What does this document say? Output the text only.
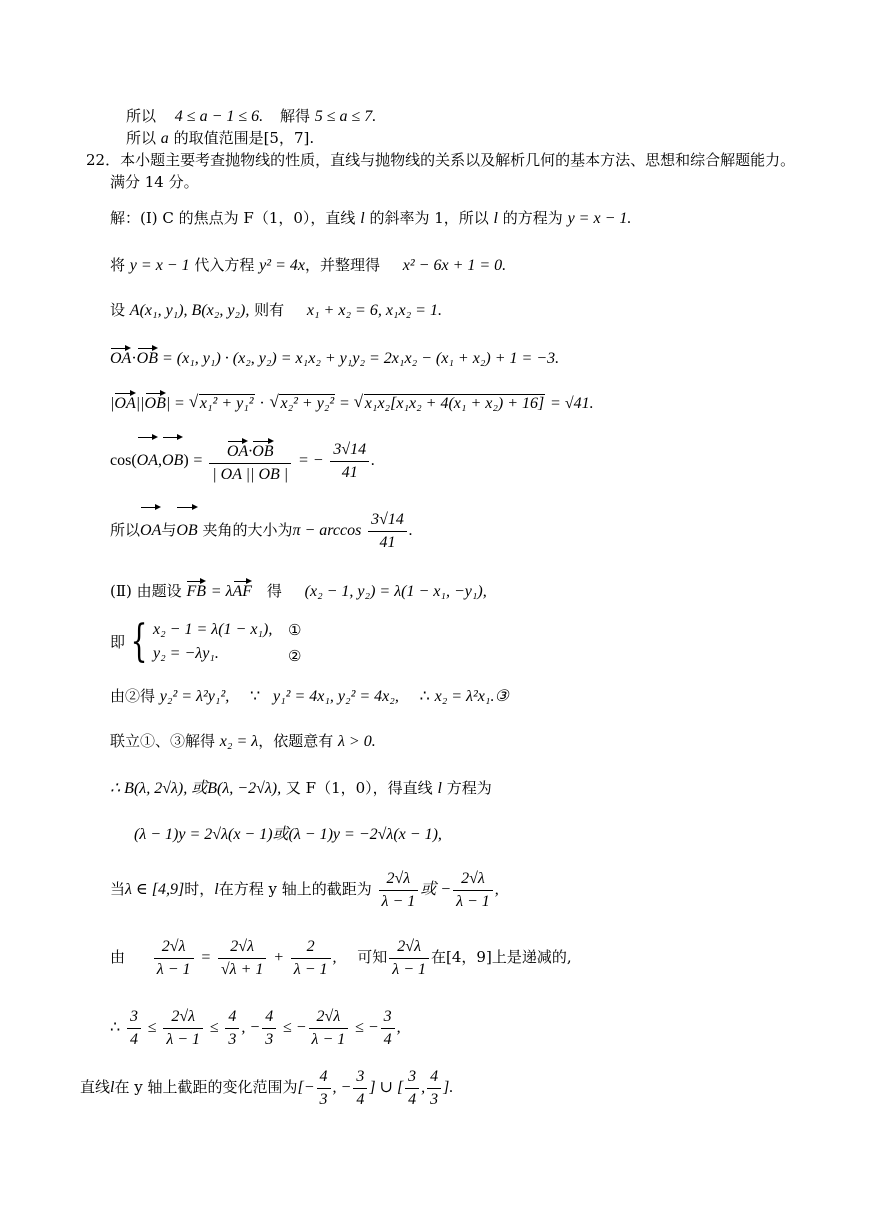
所以 4 ≤ a − 1 ≤ 6. 解得 5 ≤ a ≤ 7.
所以 a 的取值范围是[5，7].
22．本小题主要考查抛物线的性质，直线与抛物线的关系以及解析几何的基本方法、思想和综合解题能力。
满分 14 分。
解：(Ⅰ) C 的焦点为 F（1，0），直线 l 的斜率为 1，所以 l 的方程为 y = x − 1.
将 y = x − 1 代入方程 y² = 4x，并整理得 x² − 6x + 1 = 0.
设 A(x₁, y₁), B(x₂, y₂), 则有 x₁ + x₂ = 6, x₁x₂ = 1.
OA·OB = (x₁, y₁) · (x₂, y₂) = x₁x₂ + y₁y₂ = 2x₁x₂ − (x₁ + x₂) + 1 = −3.
|OA||OB| = √ x₁² + y₁² · √ x₂² + y₂² = √ x₁x₂[x₁x₂ + 4(x₁ + x₂) + 16] = √41.
$\cos(OA,OB) = \frac{OA\cdot OB}{| OA || OB |}$ = − $\frac{3√14}{41}$ .
所以OA与OB 夹角的大小为$\pi - \arccos \frac{3√14}{41}$ .
(Ⅱ) 由题设 FB = λAF 得 (x₂ − 1, y₂) = λ(1 − x₁, −y₁),
即 { x₂ − 1 = λ(1 − x₁),
y₂ = −λy₁.
①
②
由②得 y₂² = λ²y₁², ∵ y₁² = 4x₁, y₂² = 4x₂, ∴ x₂ = λ²x₁.③
联立①、③解得 x₂ = λ，依题意有 λ > 0.
∴ B(λ, 2√λ), 或B(λ, −2√λ), 又 F（1，0），得直线 l 方程为
(λ − 1)y = 2√λ(x − 1)或(λ − 1)y = −2√λ(x − 1),
当λ ∈ [4,9]时，l在方程 y 轴上的截距为 $\frac{2√\lambda}{\lambda - 1}$ 或 − $\frac{2√\lambda}{\lambda - 1}$ ,
由 $\frac{2√\lambda}{\lambda - 1} = \frac{2√\lambda}{√\lambda + 1} + \frac{2}{\lambda - 1}$ , 可知 $\frac{2√\lambda}{\lambda - 1}$ 在[4，9]上是递减的,
∴ $\frac{3}{4} \le \frac{2√\lambda}{\lambda - 1} \le \frac{4}{3}$ , − $\frac{4}{3}$ ≤ − $\frac{2√\lambda}{\lambda - 1}$ ≤ − $\frac{3}{4}$ ,
直线l在 y 轴上截距的变化范围为[− $\frac{4}{3}$ , − $\frac{3}{4}$ ] ∪ [ $\frac{3}{4}$ , $\frac{4}{3}$ ].
